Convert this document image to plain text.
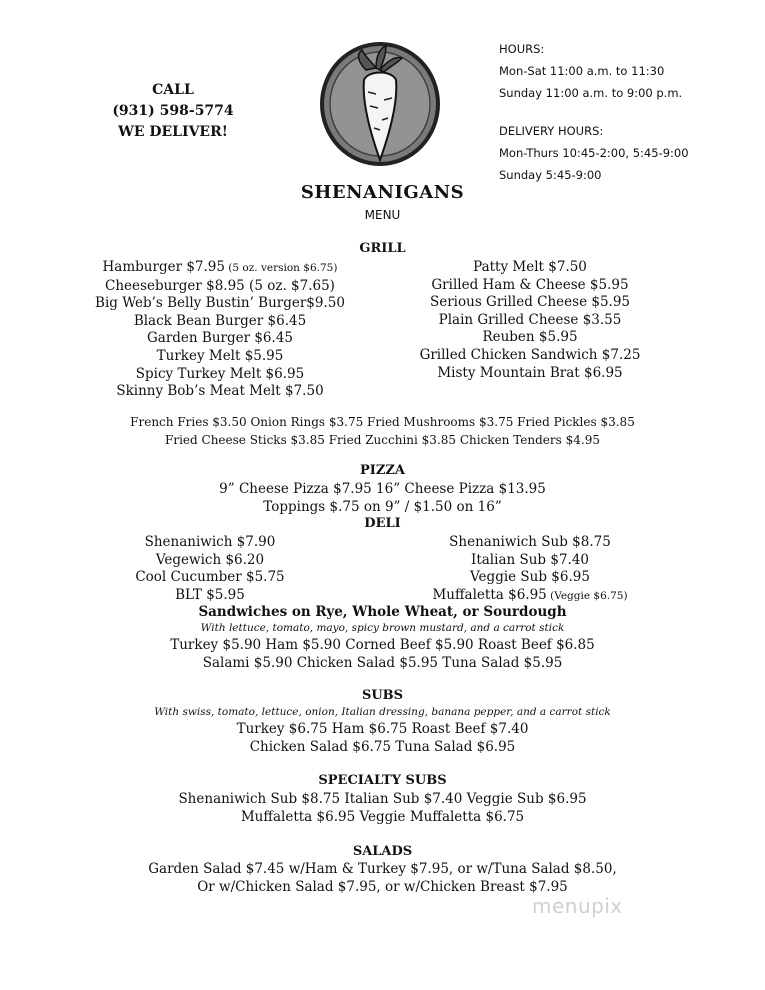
CALL
(931) 598-5774
WE DELIVER!
HOURS:
Mon-Sat 11:00 a.m. to 11:30
Sunday 11:00 a.m. to 9:00 p.m.
DELIVERY HOURS:
Mon-Thurs 10:45-2:00, 5:45-9:00
Sunday 5:45-9:00
SHENANIGANS
MENU
GRILL
Hamburger $7.95 (5 oz. version $6.75)
Cheeseburger $8.95 (5 oz. $7.65)
Big Web’s Belly Bustin’ Burger$9.50
Black Bean Burger $6.45
Garden Burger $6.45
Turkey Melt $5.95
Spicy Turkey Melt $6.95
Skinny Bob’s Meat Melt $7.50
Patty Melt $7.50
Grilled Ham & Cheese $5.95
Serious Grilled Cheese $5.95
Plain Grilled Cheese $3.55
Reuben $5.95
Grilled Chicken Sandwich $7.25
Misty Mountain Brat $6.95
French Fries $3.50 Onion Rings $3.75 Fried Mushrooms $3.75 Fried Pickles $3.85
Fried Cheese Sticks $3.85 Fried Zucchini $3.85 Chicken Tenders $4.95
PIZZA
9” Cheese Pizza $7.95 16” Cheese Pizza $13.95
Toppings $.75 on 9” / $1.50 on 16”
DELI
Shenaniwich $7.90
Vegewich $6.20
Cool Cucumber $5.75
BLT $5.95
Shenaniwich Sub $8.75
Italian Sub $7.40
Veggie Sub $6.95
Muffaletta $6.95 (Veggie $6.75)
Sandwiches on Rye, Whole Wheat, or Sourdough
With lettuce, tomato, mayo, spicy brown mustard, and a carrot stick
Turkey $5.90 Ham $5.90 Corned Beef $5.90 Roast Beef $6.85
Salami $5.90 Chicken Salad $5.95 Tuna Salad $5.95
SUBS
With swiss, tomato, lettuce, onion, Italian dressing, banana pepper, and a carrot stick
Turkey $6.75 Ham $6.75 Roast Beef $7.40
Chicken Salad $6.75 Tuna Salad $6.95
SPECIALTY SUBS
Shenaniwich Sub $8.75 Italian Sub $7.40 Veggie Sub $6.95
Muffaletta $6.95 Veggie Muffaletta $6.75
SALADS
Garden Salad $7.45 w/Ham & Turkey $7.95, or w/Tuna Salad $8.50,
Or w/Chicken Salad $7.95, or w/Chicken Breast $7.95
menupix
